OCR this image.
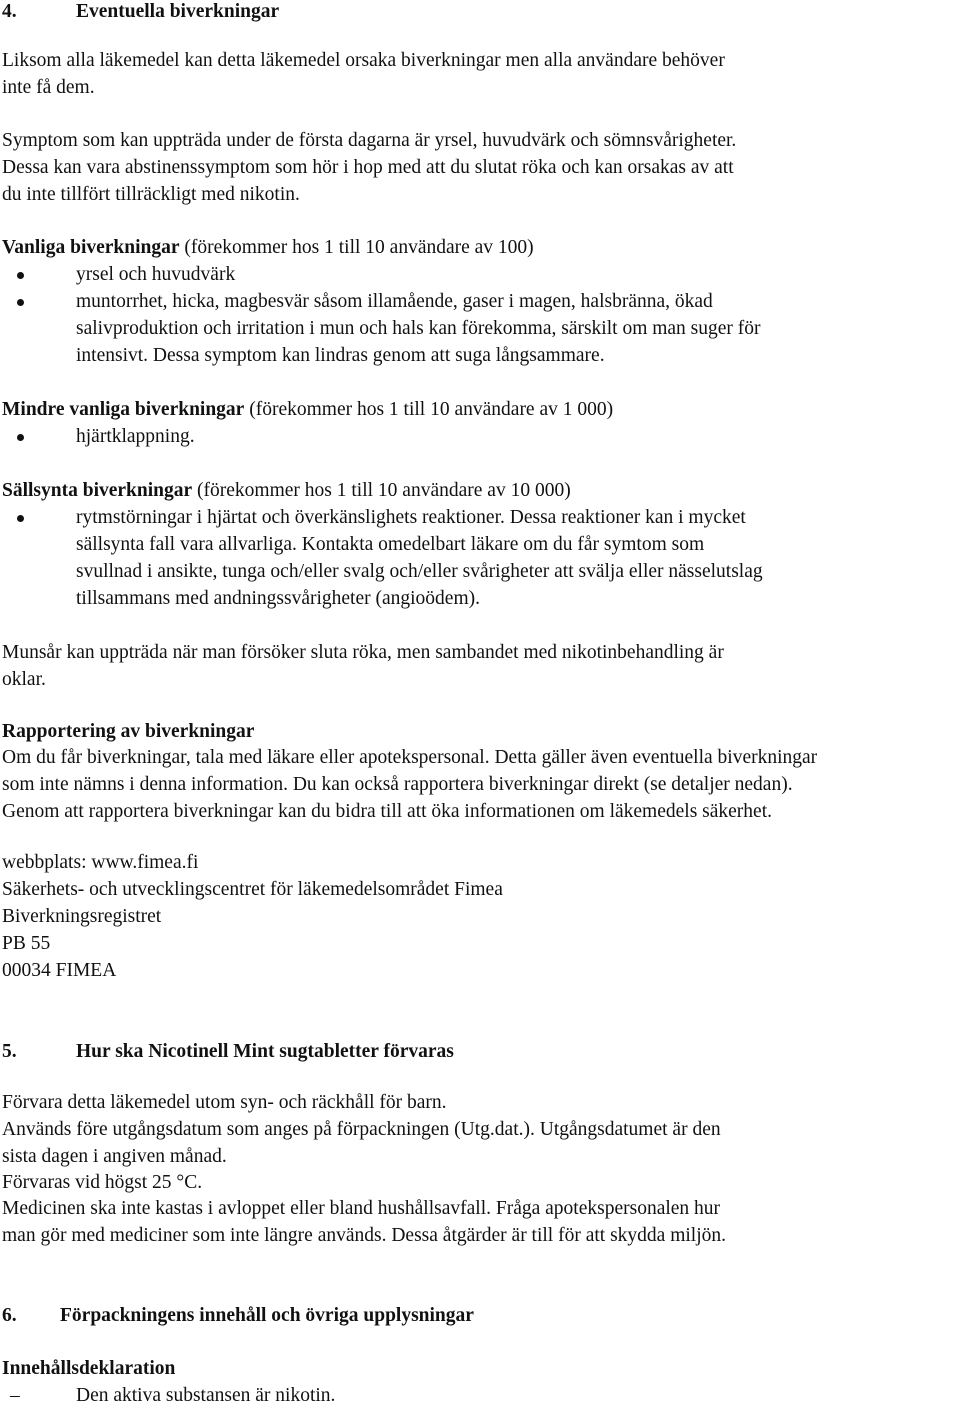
4.	Eventuella biverkningar

Liksom alla läkemedel kan detta läkemedel orsaka biverkningar men alla användare behöver

inte få dem.

Symptom som kan uppträda under de första dagarna är yrsel, huvudvärk och sömnsvårigheter.

Dessa kan vara abstinenssymptom som hör i hop med att du slutat röka och kan orsakas av att

du inte tillfört tillräckligt med nikotin.

Vanliga biverkningar (förekommer hos 1 till 10 användare av 100)

yrsel och huvudvärk

muntorrhet, hicka, magbesvär såsom illamående, gaser i magen, halsbränna, ökad

salivproduktion och irritation i mun och hals kan förekomma, särskilt om man suger för

intensivt. Dessa symptom kan lindras genom att suga långsammare.

Mindre vanliga biverkningar (förekommer hos 1 till 10 användare av 1 000)

hjärtklappning.

Sällsynta biverkningar (förekommer hos 1 till 10 användare av 10 000)

rytmstörningar i hjärtat och överkänslighets reaktioner. Dessa reaktioner kan i mycket

sällsynta fall vara allvarliga. Kontakta omedelbart läkare om du får symtom som

svullnad i ansikte, tunga och/eller svalg och/eller svårigheter att svälja eller nässelutslag

tillsammans med andningssvårigheter (angioödem).

Munsår kan uppträda när man försöker sluta röka, men sambandet med nikotinbehandling är

oklar.

Rapportering av biverkningar

Om du får biverkningar, tala med läkare eller apotekspersonal. Detta gäller även eventuella biverkningar

som inte nämns i denna information. Du kan också rapportera biverkningar direkt (se detaljer nedan).

Genom att rapportera biverkningar kan du bidra till att öka informationen om läkemedels säkerhet.

webbplats: www.fimea.fi

Säkerhets- och utvecklingscentret för läkemedelsområdet Fimea

Biverkningsregistret

PB 55

00034 FIMEA

5.	Hur ska Nicotinell Mint sugtabletter förvaras

Förvara detta läkemedel utom syn- och räckhåll för barn.

Används före utgångsdatum som anges på förpackningen (Utg.dat.). Utgångsdatumet är den

sista dagen i angiven månad.

Förvaras vid högst 25 °C.

Medicinen ska inte kastas i avloppet eller bland hushållsavfall. Fråga apotekspersonalen hur

man gör med mediciner som inte längre används. Dessa åtgärder är till för att skydda miljön.

6. Förpackningens innehåll och övriga upplysningar

Innehållsdeklaration

–	Den aktiva substansen är nikotin.
